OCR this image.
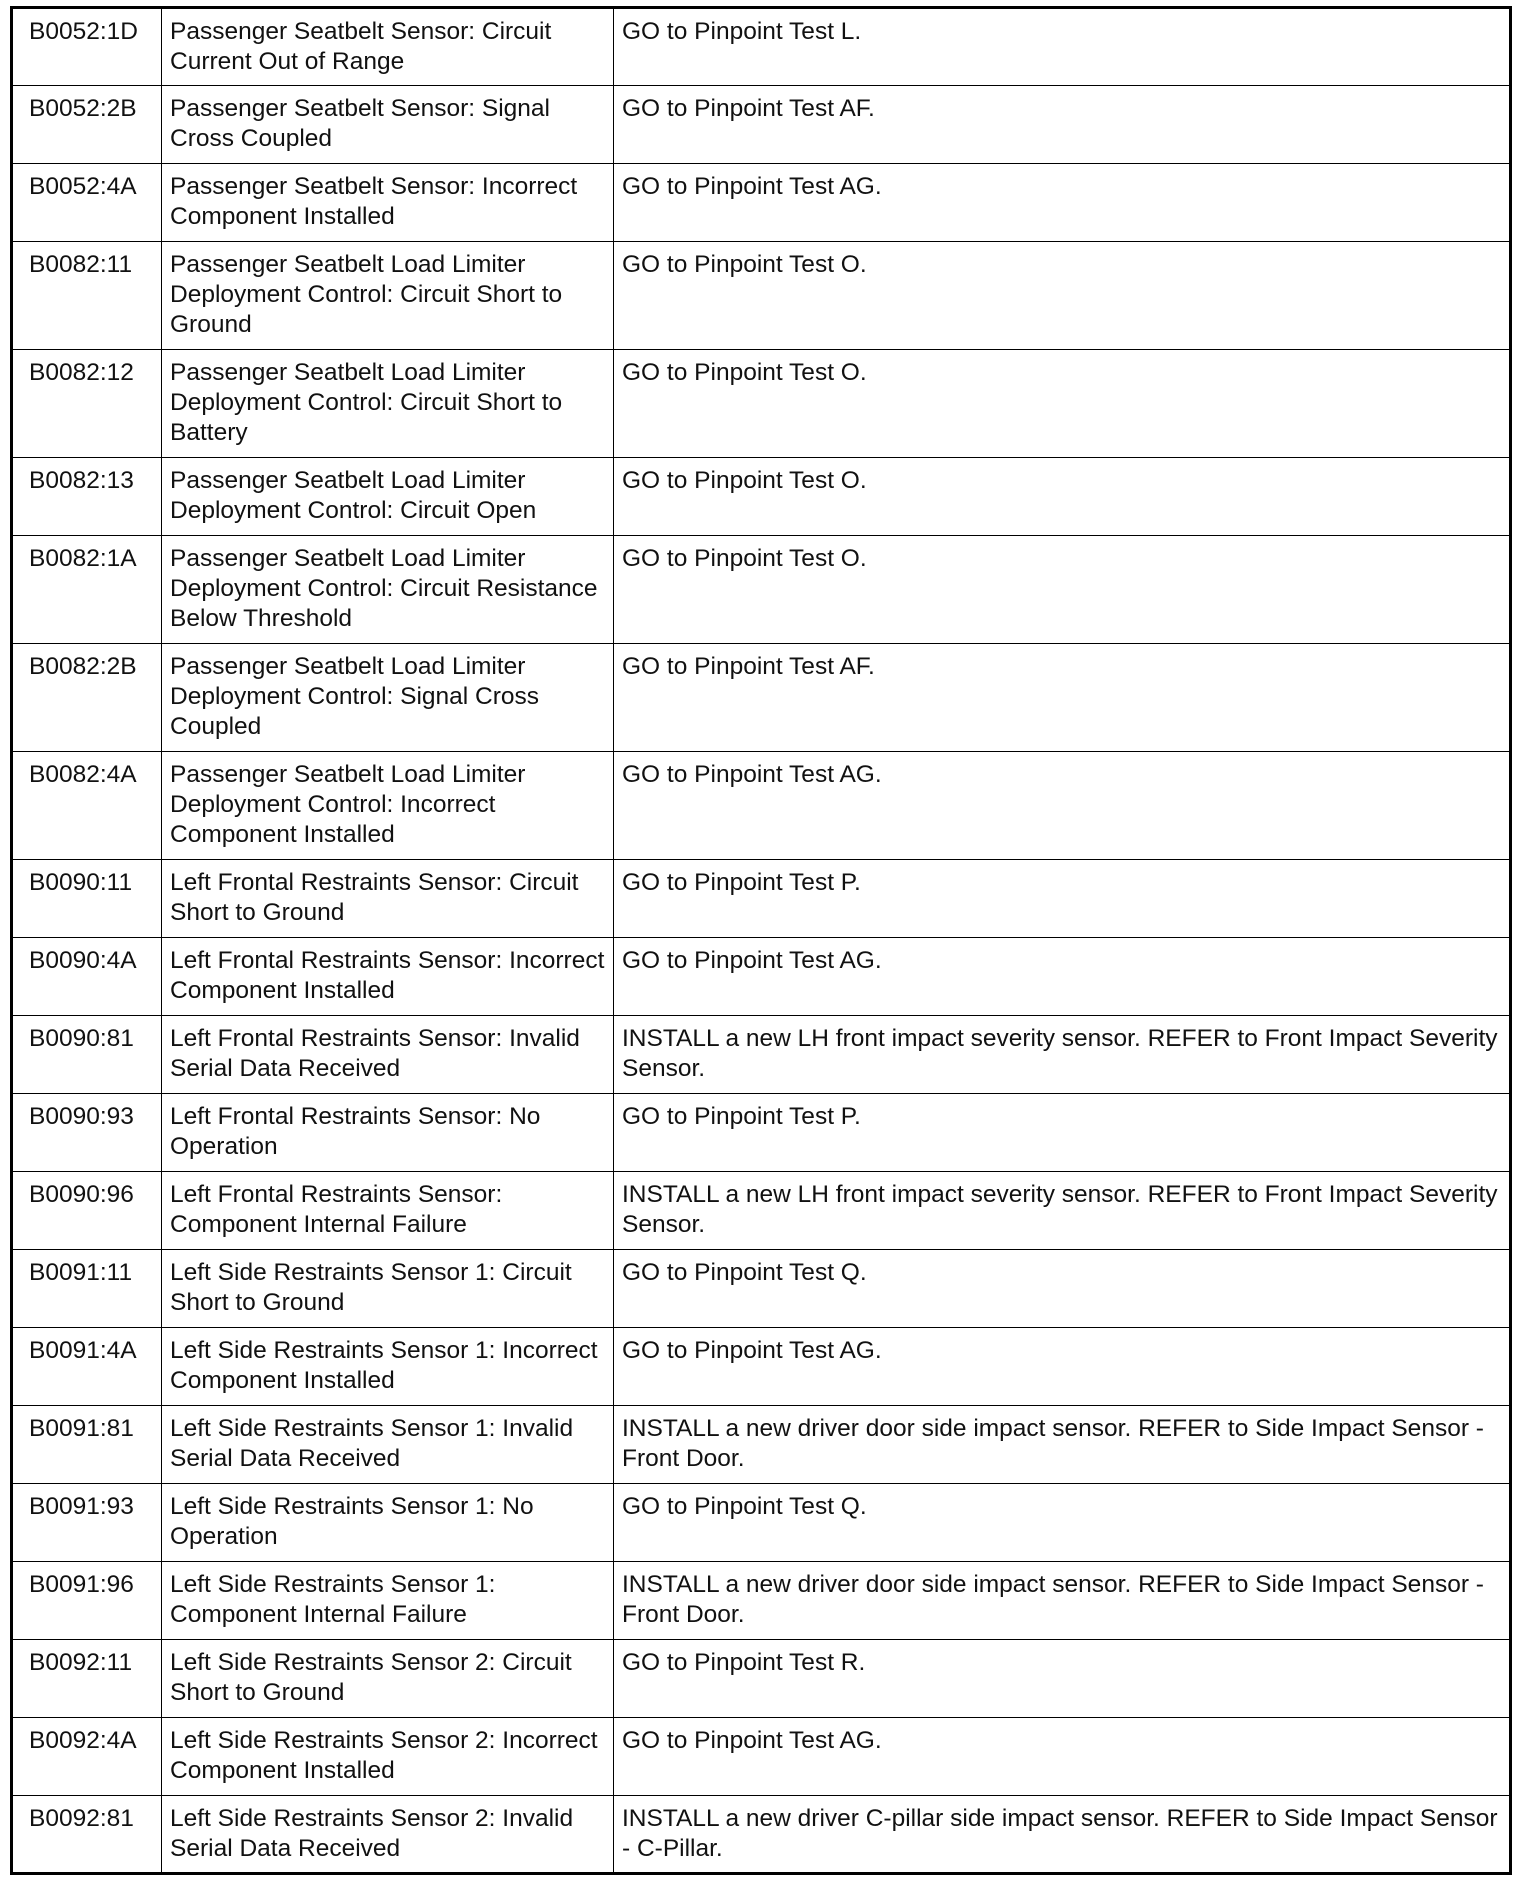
B0052:1D	Passenger Seatbelt Sensor: Circuit Current Out of Range	GO to Pinpoint Test L.
B0052:2B	Passenger Seatbelt Sensor: Signal Cross Coupled	GO to Pinpoint Test AF.
B0052:4A	Passenger Seatbelt Sensor: Incorrect Component Installed	GO to Pinpoint Test AG.
B0082:11	Passenger Seatbelt Load Limiter Deployment Control: Circuit Short to Ground	GO to Pinpoint Test O.
B0082:12	Passenger Seatbelt Load Limiter Deployment Control: Circuit Short to Battery	GO to Pinpoint Test O.
B0082:13	Passenger Seatbelt Load Limiter Deployment Control: Circuit Open	GO to Pinpoint Test O.
B0082:1A	Passenger Seatbelt Load Limiter Deployment Control: Circuit Resistance Below Threshold	GO to Pinpoint Test O.
B0082:2B	Passenger Seatbelt Load Limiter Deployment Control: Signal Cross Coupled	GO to Pinpoint Test AF.
B0082:4A	Passenger Seatbelt Load Limiter Deployment Control: Incorrect Component Installed	GO to Pinpoint Test AG.
B0090:11	Left Frontal Restraints Sensor: Circuit Short to Ground	GO to Pinpoint Test P.
B0090:4A	Left Frontal Restraints Sensor: Incorrect Component Installed	GO to Pinpoint Test AG.
B0090:81	Left Frontal Restraints Sensor: Invalid Serial Data Received	INSTALL a new LH front impact severity sensor. REFER to Front Impact Severity Sensor.
B0090:93	Left Frontal Restraints Sensor: No Operation	GO to Pinpoint Test P.
B0090:96	Left Frontal Restraints Sensor: Component Internal Failure	INSTALL a new LH front impact severity sensor. REFER to Front Impact Severity Sensor.
B0091:11	Left Side Restraints Sensor 1: Circuit Short to Ground	GO to Pinpoint Test Q.
B0091:4A	Left Side Restraints Sensor 1: Incorrect Component Installed	GO to Pinpoint Test AG.
B0091:81	Left Side Restraints Sensor 1: Invalid Serial Data Received	INSTALL a new driver door side impact sensor. REFER to Side Impact Sensor - Front Door.
B0091:93	Left Side Restraints Sensor 1: No Operation	GO to Pinpoint Test Q.
B0091:96	Left Side Restraints Sensor 1: Component Internal Failure	INSTALL a new driver door side impact sensor. REFER to Side Impact Sensor - Front Door.
B0092:11	Left Side Restraints Sensor 2: Circuit Short to Ground	GO to Pinpoint Test R.
B0092:4A	Left Side Restraints Sensor 2: Incorrect Component Installed	GO to Pinpoint Test AG.
B0092:81	Left Side Restraints Sensor 2: Invalid Serial Data Received	INSTALL a new driver C-pillar side impact sensor. REFER to Side Impact Sensor - C-Pillar.
